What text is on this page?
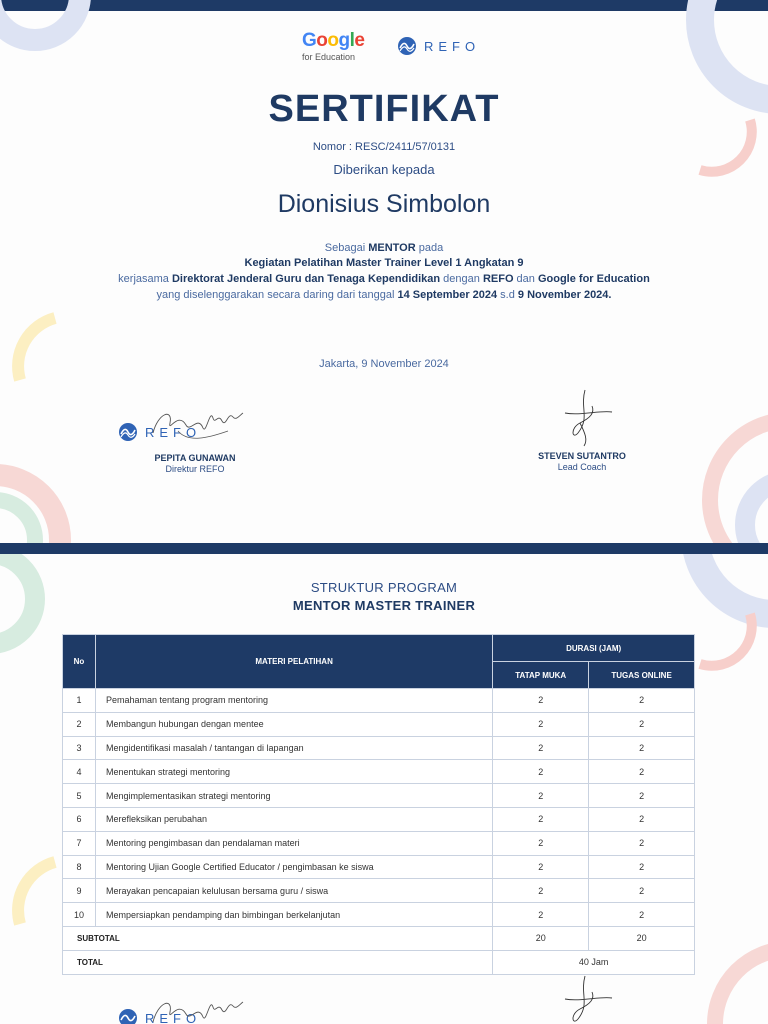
Google
for Education
REFO
SERTIFIKAT
Nomor : RESC/2411/57/0131
Diberikan kepada
Dionisius Simbolon
Sebagai MENTOR pada
Kegiatan Pelatihan Master Trainer Level 1 Angkatan 9
kerjasama Direktorat Jenderal Guru dan Tenaga Kependidikan dengan REFO dan Google for Education
yang diselenggarakan secara daring dari tanggal 14 September 2024 s.d 9 November 2024.
Jakarta, 9 November 2024
REFO
PEPITA GUNAWAN
Direktur REFO
STEVEN SUTANTRO
Lead Coach
STRUKTUR PROGRAM
MENTOR MASTER TRAINER
No	MATERI PELATIHAN	DURASI (JAM)	
		TATAP MUKA	TUGAS ONLINE
1	Pemahaman tentang program mentoring	2	2
2	Membangun hubungan dengan mentee	2	2
3	Mengidentifikasi masalah / tantangan di lapangan	2	2
4	Menentukan strategi mentoring	2	2
5	Mengimplementasikan strategi mentoring	2	2
6	Merefleksikan perubahan	2	2
7	Mentoring pengimbasan dan pendalaman materi	2	2
8	Mentoring Ujian Google Certified Educator / pengimbasan ke siswa	2	2
9	Merayakan pencapaian kelulusan bersama guru / siswa	2	2
10	Mempersiapkan pendamping dan bimbingan berkelanjutan	2	2
SUBTOTAL		20	20
TOTAL		40 Jam	
REFO
